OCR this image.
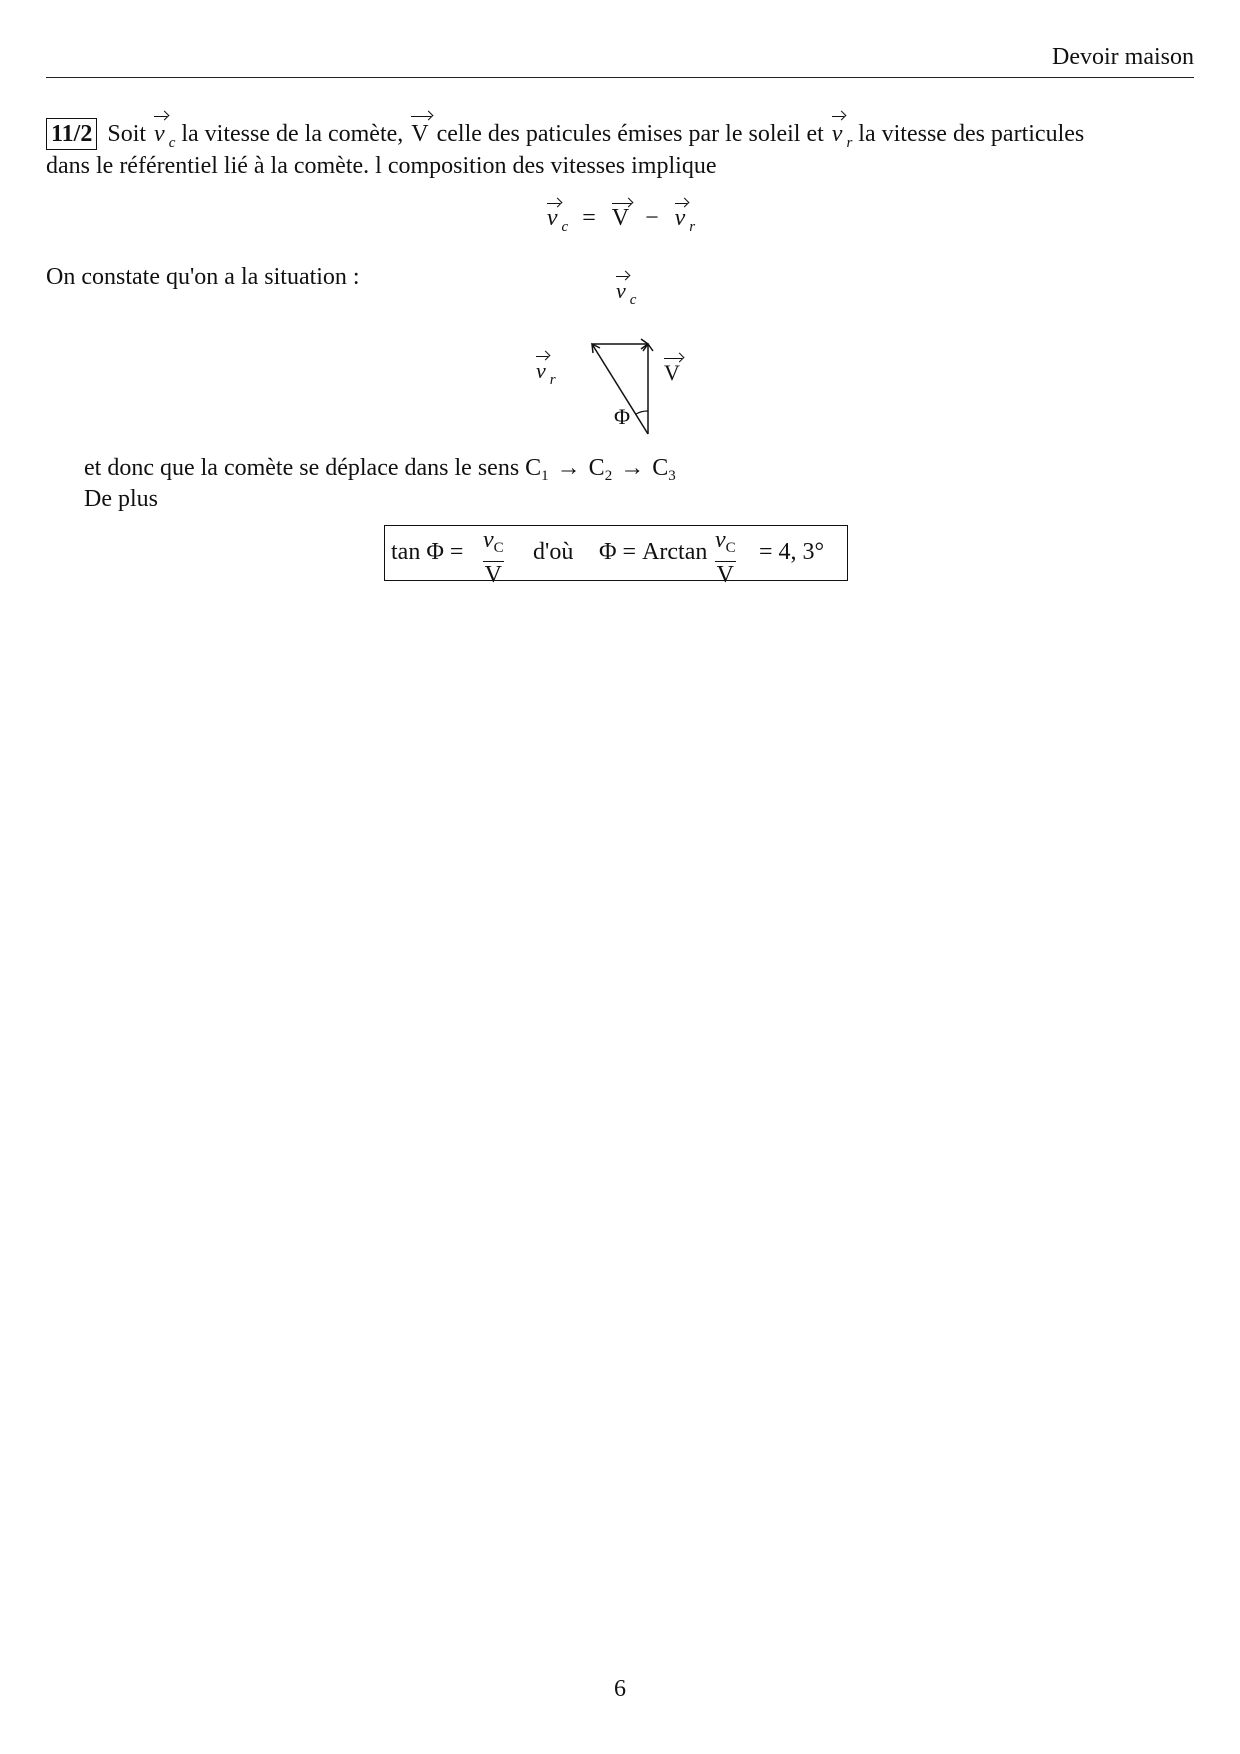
Devoir maison
11/2 Soit v $_c$ la vitesse de la comète, V celle des paticules émises par le soleil et v $_r$ la vitesse des particules
dans le référentiel lié à la comète. l composition des vitesses implique
v $_c$ = V − v $_r$
On constate qu'on a la situation :
v $_c$
v $_r$	V
Φ
et donc que la comète se déplace dans le sens $C_1 \to C_2 \to C_3$
De plus
$\tan \Phi = v_C$
V
d'où Φ = Arctan $v_C$
V
= 4, 3°
6
